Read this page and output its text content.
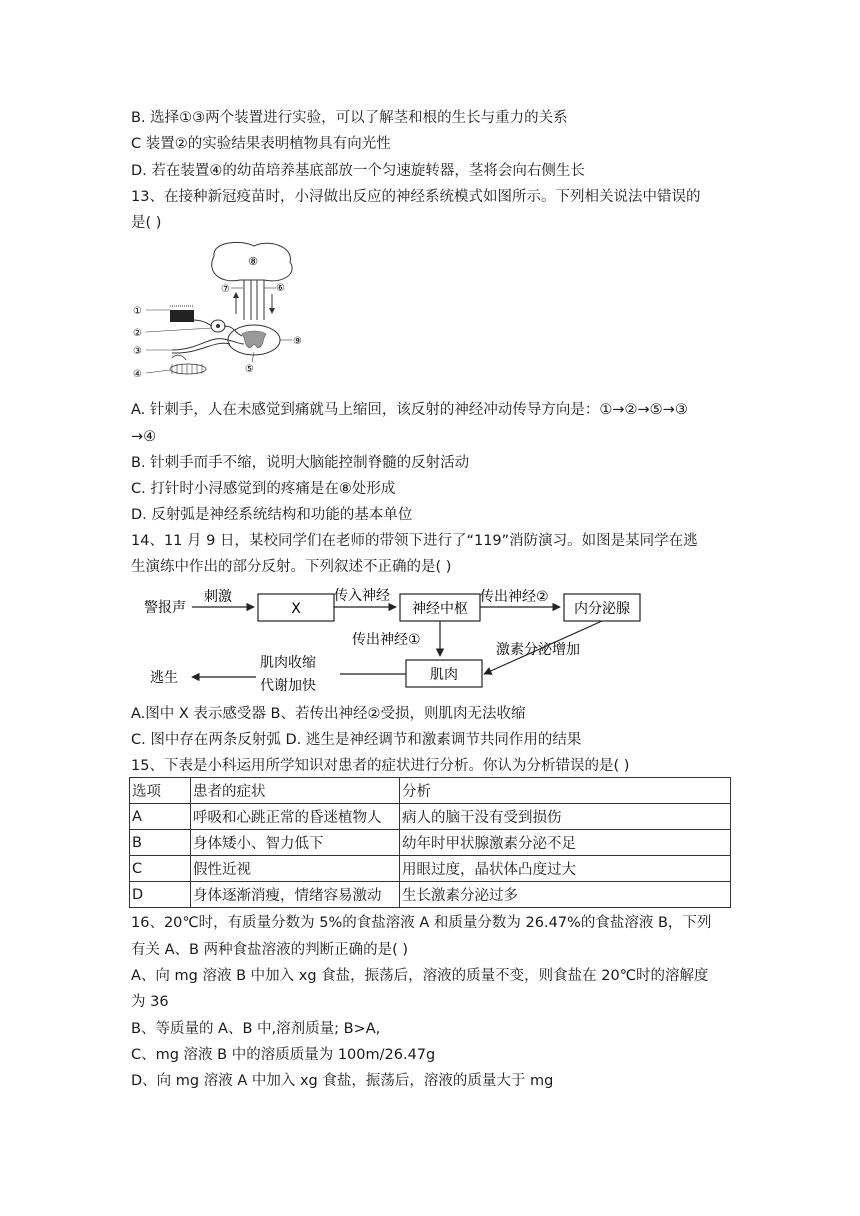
B. 选择①③两个装置进行实验，可以了解茎和根的生长与重力的关系
C 装置②的实验结果表明植物具有向光性
D. 若在装置④的幼苗培养基底部放一个匀速旋转器，茎将会向右侧生长
13、在接种新冠疫苗时，小浔做出反应的神经系统模式如图所示。下列相关说法中错误的
是( )
⑧
⑦	⑥
⑤
⑨
①
②
③
④
A. 针刺手，人在未感觉到痛就马上缩回，该反射的神经冲动传导方向是：①→②→⑤→③
→④
B. 针刺手而手不缩，说明大脑能控制脊髓的反射活动
C. 打针时小浔感觉到的疼痛是在⑧处形成
D. 反射弧是神经系统结构和功能的基本单位
14、11 月 9 日，某校同学们在老师的带领下进行了“119”消防演习。如图是某同学在逃
生演练中作出的部分反射。下列叙述不正确的是( )
警报声
刺激
X
传入神经
神经中枢
传出神经②
内分泌腺
传出神经①
激素分泌增加
肌肉
肌肉收缩
代谢加快
逃生
A.图中 X 表示感受器 B、若传出神经②受损，则肌肉无法收缩
C. 图中存在两条反射弧 D. 逃生是神经调节和激素调节共同作用的结果
15、下表是小科运用所学知识对患者的症状进行分析。你认为分析错误的是( )
选项	患者的症状	分析
A	呼吸和心跳正常的昏迷植物人	病人的脑干没有受到损伤
B	身体矮小、智力低下	幼年时甲状腺激素分泌不足
C	假性近视	用眼过度，晶状体凸度过大
D	身体逐渐消瘦，情绪容易激动	生长激素分泌过多
16、20℃时，有质量分数为 5%的食盐溶液 A 和质量分数为 26.47%的食盐溶液 B，下列
有关 A、B 两种食盐溶液的判断正确的是( )
A、向 mg 溶液 B 中加入 xg 食盐，振荡后，溶液的质量不变，则食盐在 20℃时的溶解度
为 36
B、等质量的 A、B 中,溶剂质量; B>A,
C、mg 溶液 B 中的溶质质量为 100m/26.47g
D、向 mg 溶液 A 中加入 xg 食盐，振荡后，溶液的质量大于 mg
